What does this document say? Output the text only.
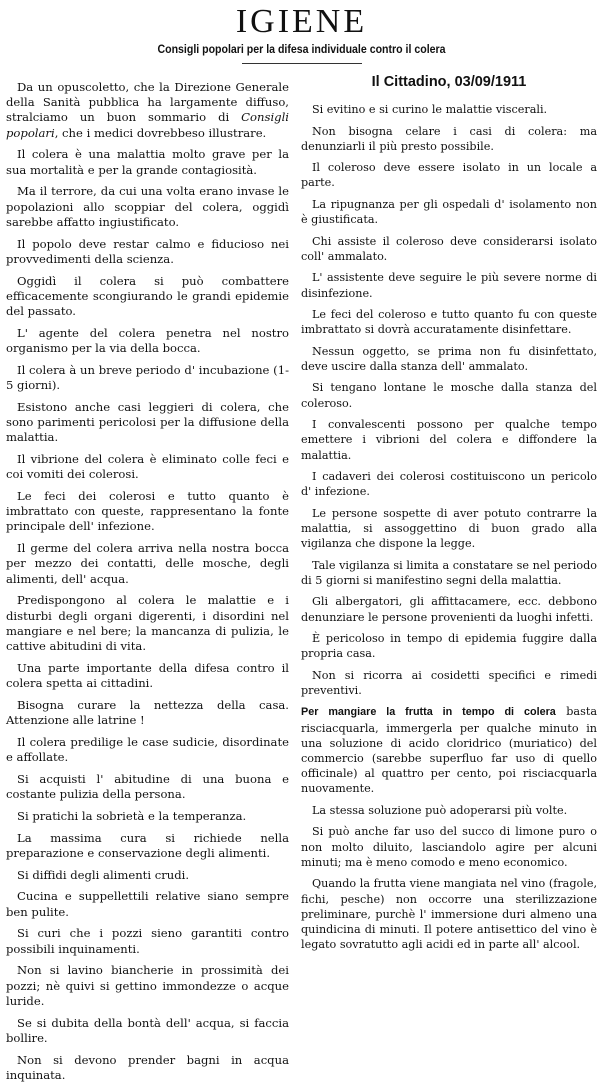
IGIENE
Consigli popolari per la difesa individuale contro il colera

Da un opuscoletto, che la Direzione Generale della Sanità pubblica ha largamente diffuso, stralciamo un buon sommario di Consigli popolari, che i medici dovrebbeso illustrare.

Il colera è una malattia molto grave per la sua mortalità e per la grande contagiosità.

Ma il terrore, da cui una volta erano invase le popolazioni allo scoppiar del colera, oggidì sarebbe affatto ingiustificato.

Il popolo deve restar calmo e fiducioso nei provvedimenti della scienza.

Oggidì il colera si può combattere efficacemente scongiurando le grandi epidemie del passato.

L' agente del colera penetra nel nostro organismo per la via della bocca.

Il colera à un breve periodo d' incubazione (1-5 giorni).

Esistono anche casi leggieri di colera, che sono parimenti pericolosi per la diffusione della malattia.

Il vibrione del colera è eliminato colle feci e coi vomiti dei colerosi.

Le feci dei colerosi e tutto quanto è imbrattato con queste, rappresentano la fonte principale dell' infezione.

Il germe del colera arriva nella nostra bocca per mezzo dei contatti, delle mosche, degli alimenti, dell' acqua.

Predispongono al colera le malattie e i disturbi degli organi digerenti, i disordini nel mangiare e nel bere; la mancanza di pulizia, le cattive abitudini di vita.

Una parte importante della difesa contro il colera spetta ai cittadini.

Bisogna curare la nettezza della casa. Attenzione alle latrine !

Il colera predilige le case sudicie, disordinate e affollate.

Si acquisti l' abitudine di una buona e costante pulizia della persona.

Si pratichi la sobrietà e la temperanza.

La massima cura si richiede nella preparazione e conservazione degli alimenti.

Si diffidi degli alimenti crudi.

Cucina e suppellettili relative siano sempre ben pulite.

Si curi che i pozzi sieno garantiti contro possibili inquinamenti.

Non si lavino biancherie in prossimità dei pozzi; nè quivi si gettino immondezze o acque luride.

Se si dubita della bontà dell' acqua, si faccia bollire.

Non si devono prender bagni in acqua inquinata.

Il Cittadino, 03/09/1911

Si evitino e si curino le malattie viscerali.

Non bisogna celare i casi di colera: ma denunziarli il più presto possibile.

Il coleroso deve essere isolato in un locale a parte.

La ripugnanza per gli ospedali d' isolamento non è giustificata.

Chi assiste il coleroso deve considerarsi isolato coll' ammalato.

L' assistente deve seguire le più severe norme di disinfezione.

Le feci del coleroso e tutto quanto fu con queste imbrattato si dovrà accuratamente disinfettare.

Nessun oggetto, se prima non fu disinfettato, deve uscire dalla stanza dell' ammalato.

Si tengano lontane le mosche dalla stanza del coleroso.

I convalescenti possono per qualche tempo emettere i vibrioni del colera e diffondere la malattia.

I cadaveri dei colerosi costituiscono un pericolo d' infezione.

Le persone sospette di aver potuto contrarre la malattia, si assoggettino di buon grado alla vigilanza che dispone la legge.

Tale vigilanza si limita a constatare se nel periodo di 5 giorni si manifestino segni della malattia.

Gli albergatori, gli affittacamere, ecc. debbono denunziare le persone provenienti da luoghi infetti.

È pericoloso in tempo di epidemia fuggire dalla propria casa.

Non si ricorra ai cosidetti specifici e rimedi preventivi.

Per mangiare la frutta in tempo di colera basta risciacquarla, immergerla per qualche minuto in una soluzione di acido cloridrico (muriatico) del commercio (sarebbe superfluo far uso di quello officinale) al quattro per cento, poi risciacquarla nuovamente.

La stessa soluzione può adoperarsi più volte.

Si può anche far uso del succo di limone puro o non molto diluito, lasciandolo agire per alcuni minuti; ma è meno comodo e meno economico.

Quando la frutta viene mangiata nel vino (fragole, fichi, pesche) non occorre una sterilizzazione preliminare, purchè l' immersione duri almeno una quindicina di minuti. Il potere antisettico del vino è legato sovratutto agli acidi ed in parte all' alcool.
